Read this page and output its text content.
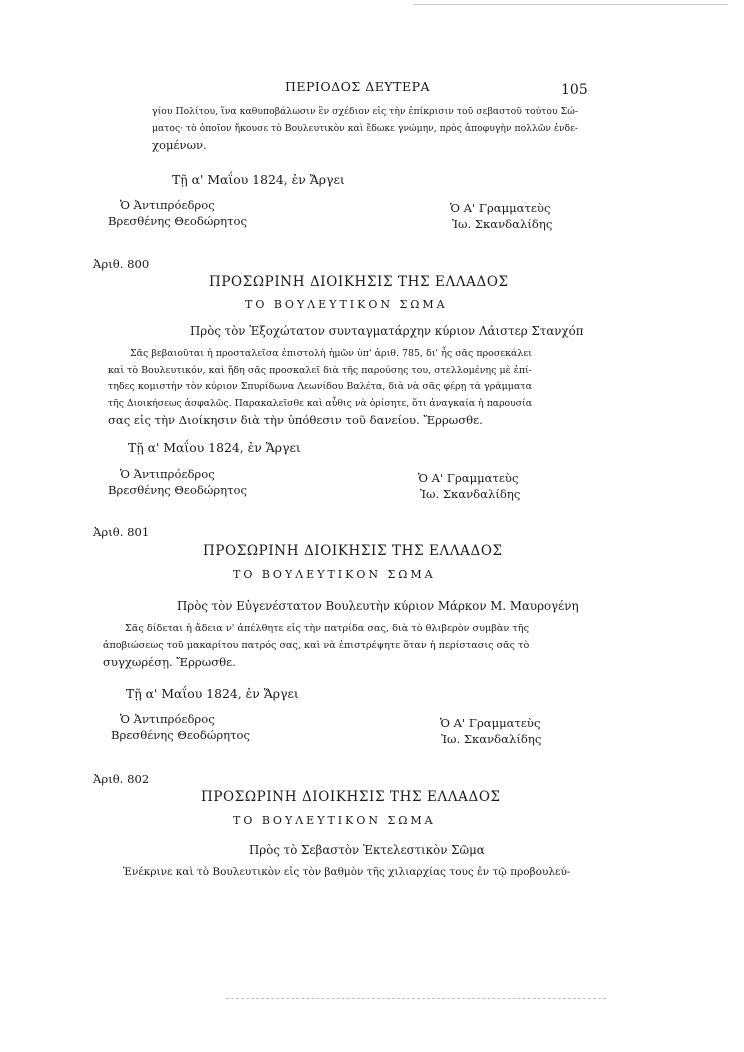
ΠΕΡΙΟΔΟΣ ΔΕΥΤΕΡΑ	105
γίου Πολίτου, ἵνα καθυποβάλωσιν ἓν σχέδιον εἰς τὴν ἐπίκρισιν τοῦ σεβαστοῦ τούτου Σώ-
ματος· τὸ ὁποῖον ἤκουσε τὸ Βουλευτικὸν καὶ ἔδωκε γνώμην, πρὸς ἀποφυγὴν πολλῶν ἐνδε-
χομένων.
Τῇ α' Μαΐου 1824, ἐν Ἄργει
Ὁ Ἀντιπρόεδρος
Βρεσθένης Θεοδώρητος
Ὁ Α' Γραμματεὺς
Ἰω. Σκανδαλίδης
Ἀριθ. 800
ΠΡΟΣΩΡΙΝΗ ΔΙΟΙΚΗΣΙΣ ΤΗΣ ΕΛΛΑΔΟΣ
ΤΟ ΒΟΥΛΕΥΤΙΚΟΝ ΣΩΜΑ
Πρὸς τὸν Ἐξοχώτατον συνταγματάρχην κύριον Λάιστερ Στανχόπ
Σᾶς βεβαιοῦται ἡ προσταλεῖσα ἐπιστολὴ ἡμῶν ὑπ' ἀριθ. 785, δι' ἧς σᾶς προσεκάλει
καὶ τὸ Βουλευτικόν, καὶ ἤδη σᾶς προσκαλεῖ διὰ τῆς παρούσης του, στελλομένης μὲ ἐπί-
τηδες κομιστὴν τὸν κύριον Σπυρίδωνα Λεωνίδου Βαλέτα, διὰ νὰ σᾶς φέρῃ τὰ γράμματα
τῆς Διοικήσεως ἀσφαλῶς. Παρακαλεῖσθε καὶ αὖθις νὰ ὁρίσητε, ὅτι ἀναγκαία ἡ παρουσία
σας εἰς τὴν Διοίκησιν διὰ τὴν ὑπόθεσιν τοῦ δανείου. Ἔρρωσθε.
Τῇ α' Μαΐου 1824, ἐν Ἄργει
Ὁ Ἀντιπρόεδρος
Βρεσθένης Θεοδώρητος
Ὁ Α' Γραμματεὺς
Ἰω. Σκανδαλίδης
Ἀριθ. 801
ΠΡΟΣΩΡΙΝΗ ΔΙΟΙΚΗΣΙΣ ΤΗΣ ΕΛΛΑΔΟΣ
ΤΟ ΒΟΥΛΕΥΤΙΚΟΝ ΣΩΜΑ
Πρὸς τὸν Εὐγενέστατον Βουλευτὴν κύριον Μάρκον Μ. Μαυρογένη
Σᾶς δίδεται ἡ ἄδεια ν' ἀπέλθητε εἰς τὴν πατρίδα σας, διὰ τὸ θλιβερὸν συμβὰν τῆς
ἀποβιώσεως τοῦ μακαρίτου πατρός σας, καὶ νὰ ἐπιστρέψητε ὅταν ἡ περίστασις σᾶς τὸ
συγχωρέσῃ. Ἔρρωσθε.
Τῇ α' Μαΐου 1824, ἐν Ἄργει
Ὁ Ἀντιπρόεδρος
Βρεσθένης Θεοδώρητος
Ὁ Α' Γραμματεὺς
Ἰω. Σκανδαλίδης
Ἀριθ. 802
ΠΡΟΣΩΡΙΝΗ ΔΙΟΙΚΗΣΙΣ ΤΗΣ ΕΛΛΑΔΟΣ
ΤΟ ΒΟΥΛΕΥΤΙΚΟΝ ΣΩΜΑ
Πρὸς τὸ Σεβαστὸν Ἐκτελεστικὸν Σῶμα
Ἐνέκρινε καὶ τὸ Βουλευτικὸν εἰς τὸν βαθμὸν τῆς χιλιαρχίας τους ἐν τῷ προβουλεύ-
